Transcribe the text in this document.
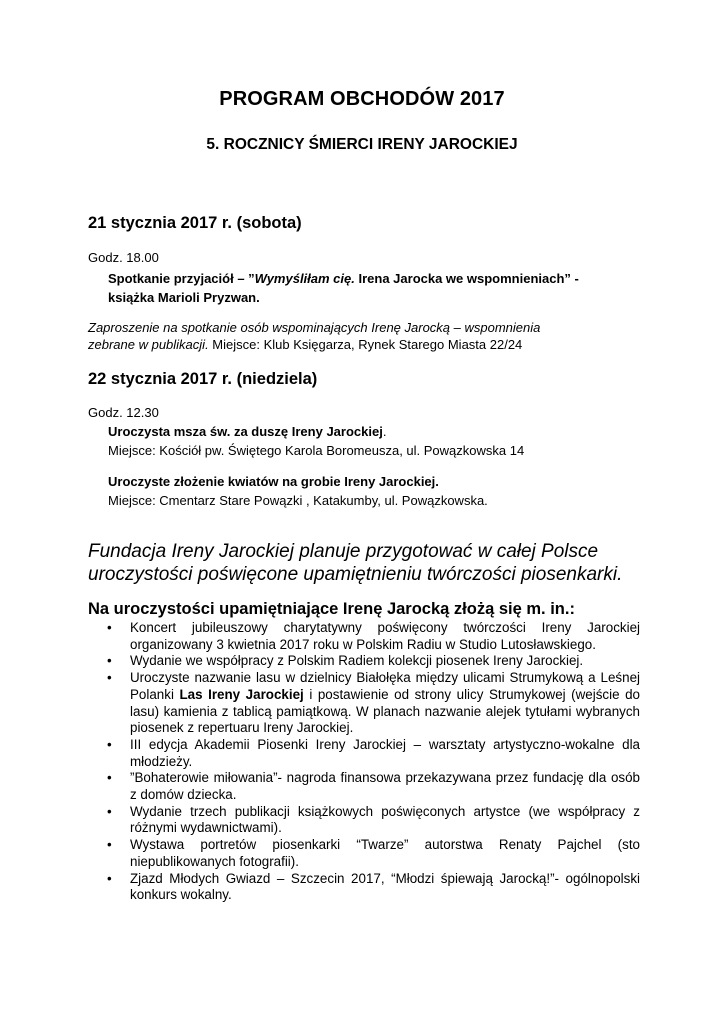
PROGRAM OBCHODÓW 2017
5. ROCZNICY ŚMIERCI IRENY JAROCKIEJ
21 stycznia 2017 r. (sobota)
Godz. 18.00
Spotkanie przyjaciół – ”Wymyśliłam cię. Irena Jarocka we wspomnieniach” -
książka Marioli Pryzwan.
Zaproszenie na spotkanie osób wspominających Irenę Jarocką – wspomnienia
zebrane w publikacji. Miejsce: Klub Księgarza, Rynek Starego Miasta 22/24
22 stycznia 2017 r. (niedziela)
Godz. 12.30
Uroczysta msza św. za duszę Ireny Jarockiej.
Miejsce: Kościół pw. Świętego Karola Boromeusza, ul. Powązkowska 14
Uroczyste złożenie kwiatów na grobie Ireny Jarockiej.
Miejsce: Cmentarz Stare Powązki , Katakumby, ul. Powązkowska.
Fundacja Ireny Jarockiej planuje przygotować w całej Polsce
uroczystości poświęcone upamiętnieniu twórczości piosenkarki.
Na uroczystości upamiętniające Irenę Jarocką złożą się m. in.:
• Koncert jubileuszowy charytatywny poświęcony twórczości Ireny Jarockiej organizowany 3 kwietnia 2017 roku w Polskim Radiu w Studio Lutosławskiego.
• Wydanie we współpracy z Polskim Radiem kolekcji piosenek Ireny Jarockiej.
• Uroczyste nazwanie lasu w dzielnicy Białołęka między ulicami Strumykową a Leśnej Polanki Las Ireny Jarockiej i postawienie od strony ulicy Strumykowej (wejście do lasu) kamienia z tablicą pamiątkową. W planach nazwanie alejek tytułami wybranych piosenek z repertuaru Ireny Jarockiej.
• III edycja Akademii Piosenki Ireny Jarockiej – warsztaty artystyczno-wokalne dla młodzieży.
• ”Bohaterowie miłowania”- nagroda finansowa przekazywana przez fundację dla osób z domów dziecka.
• Wydanie trzech publikacji książkowych poświęconych artystce (we współpracy z różnymi wydawnictwami).
• Wystawa portretów piosenkarki “Twarze” autorstwa Renaty Pajchel (sto niepublikowanych fotografii).
• Zjazd Młodych Gwiazd – Szczecin 2017, “Młodzi śpiewają Jarocką!”- ogólnopolski konkurs wokalny.
